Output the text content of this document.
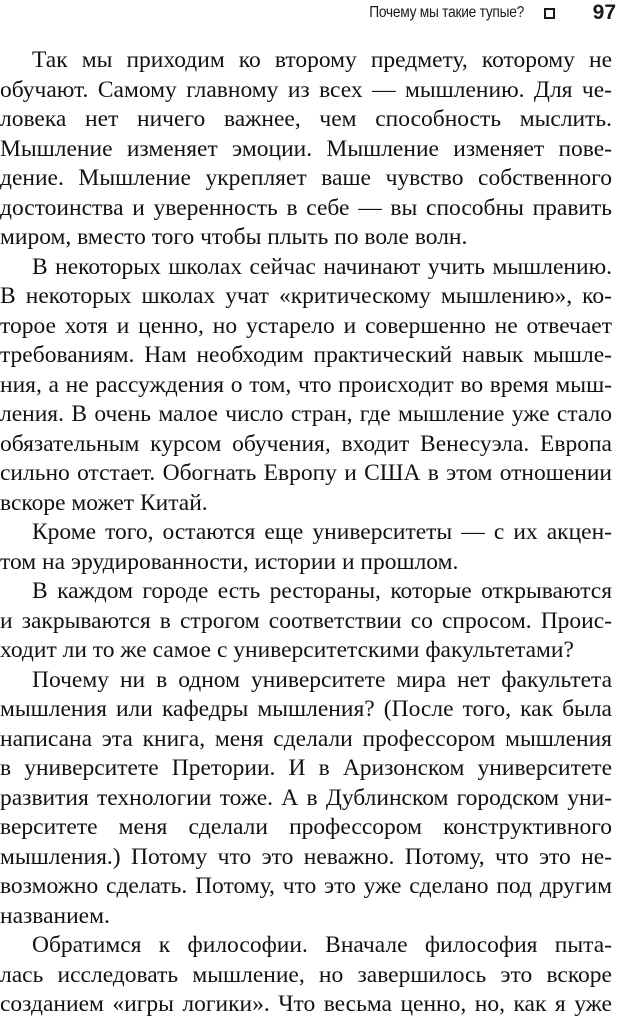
Почему мы такие тупые?	97
Так мы приходим ко второму предмету, которому не
обучают. Самому главному из всех — мышлению. Для че-
ловека нет ничего важнее, чем способность мыслить.
Мышление изменяет эмоции. Мышление изменяет пове-
дение. Мышление укрепляет ваше чувство собственного
достоинства и уверенность в себе — вы способны править
миром, вместо того чтобы плыть по воле волн.
В некоторых школах сейчас начинают учить мышлению.
В некоторых школах учат «критическому мышлению», ко-
торое хотя и ценно, но устарело и совершенно не отвечает
требованиям. Нам необходим практический навык мышле-
ния, а не рассуждения о том, что происходит во время мыш-
ления. В очень малое число стран, где мышление уже стало
обязательным курсом обучения, входит Венесуэла. Европа
сильно отстает. Обогнать Европу и США в этом отношении
вскоре может Китай.
Кроме того, остаются еще университеты — с их акцен-
том на эрудированности, истории и прошлом.
В каждом городе есть рестораны, которые открываются
и закрываются в строгом соответствии со спросом. Проис-
ходит ли то же самое с университетскими факультетами?
Почему ни в одном университете мира нет факультета
мышления или кафедры мышления? (После того, как была
написана эта книга, меня сделали профессором мышления
в университете Претории. И в Аризонском университете
развития технологии тоже. А в Дублинском городском уни-
верситете меня сделали профессором конструктивного
мышления.) Потому что это неважно. Потому, что это не-
возможно сделать. Потому, что это уже сделано под другим
названием.
Обратимся к философии. Вначале философия пыта-
лась исследовать мышление, но завершилось это вскоре
созданием «игры логики». Что весьма ценно, но, как я уже
